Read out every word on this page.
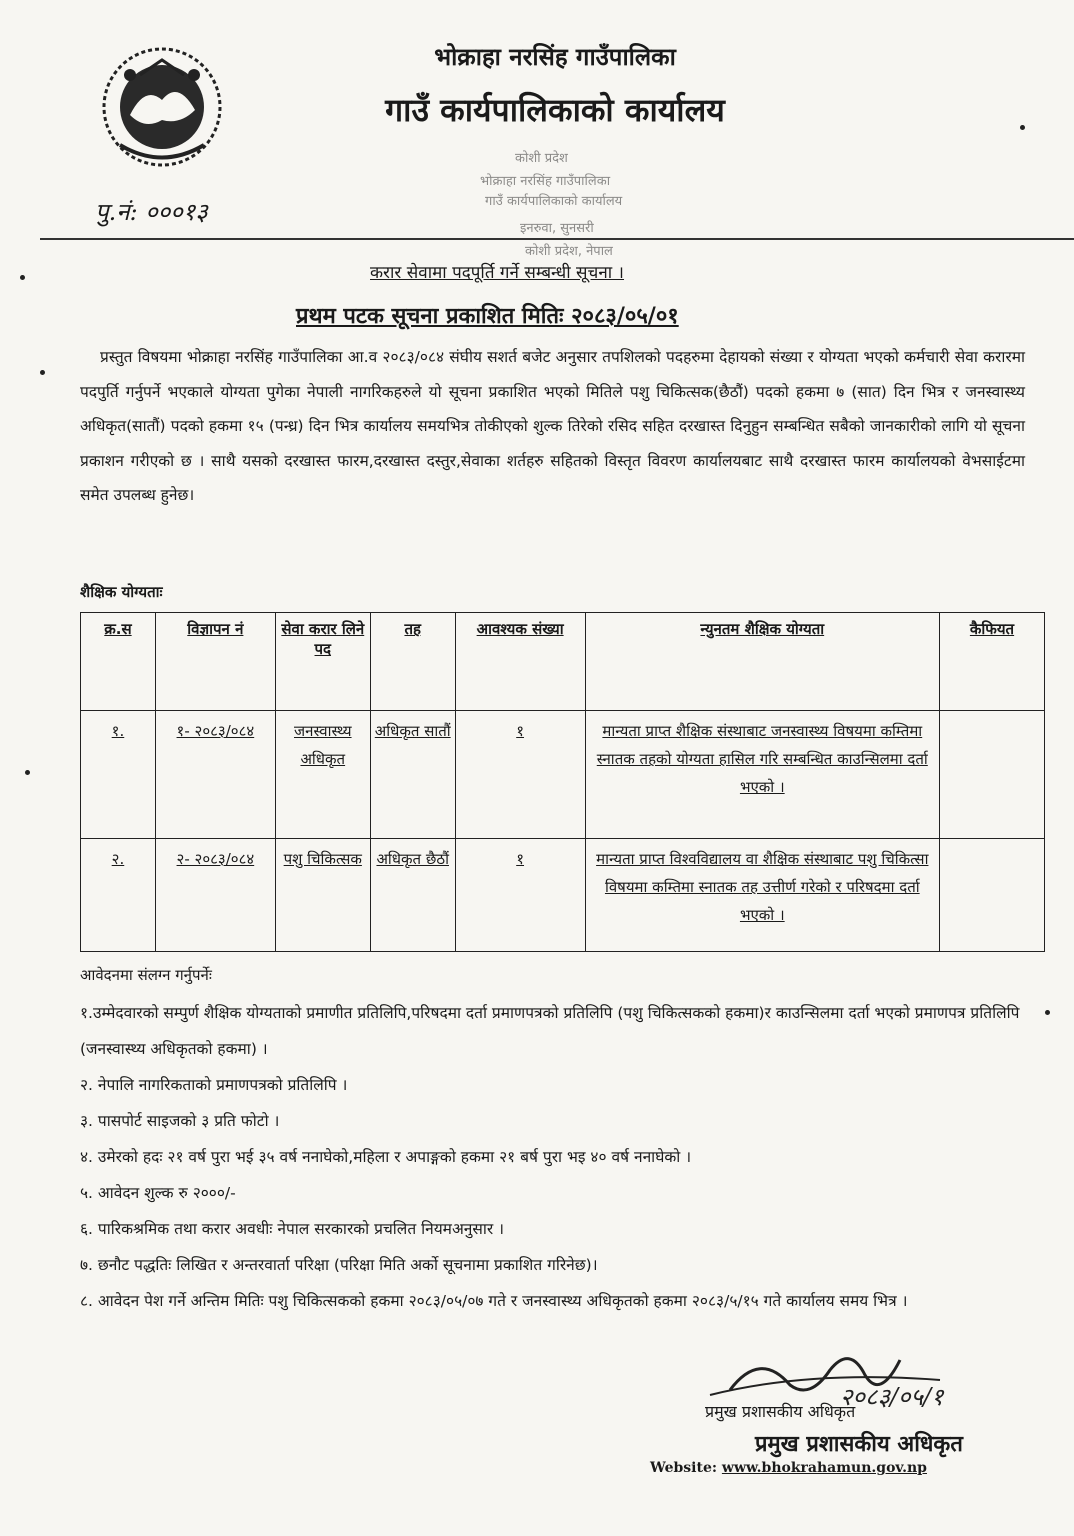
भोक्राहा नरसिंह गाउँपालिका
गाउँ कार्यपालिकाको कार्यालय
कोशी प्रदेश
भोक्राहा नरसिंह गाउँपालिका
गाउँ कार्यपालिकाको कार्यालय
इनरुवा, सुनसरी
कोशी प्रदेश, नेपाल
पु.नं: ०००१३
करार सेवामा पदपूर्ति गर्ने सम्बन्धी सूचना ।
प्रथम पटक सूचना प्रकाशित मितिः २०८३/०५/०१

प्रस्तुत विषयमा भोक्राहा नरसिंह गाउँपालिका आ.व २०८३/०८४ संघीय सशर्त बजेट अनुसार तपशिलको पदहरुमा देहायको संख्या र योग्यता भएको कर्मचारी सेवा करारमा पदपुर्ति गर्नुपर्ने भएकाले योग्यता पुगेका नेपाली नागरिकहरुले यो सूचना प्रकाशित भएको मितिले पशु चिकित्सक(छैठौं) पदको हकमा ७ (सात) दिन भित्र र जनस्वास्थ्य अधिकृत(सातौं) पदको हकमा १५ (पन्ध्र) दिन भित्र कार्यालय समयभित्र तोकीएको शुल्क तिरेको रसिद सहित दरखास्त दिनुहुन सम्बन्धित सबैको जानकारीको लागि यो सूचना प्रकाशन गरीएको छ । साथै यसको दरखास्त फारम,दरखास्त दस्तुर,सेवाका शर्तहरु सहितको विस्तृत विवरण कार्यालयबाट साथै दरखास्त फारम कार्यालयको वेभसाईटमा समेत उपलब्ध हुनेछ।

शैक्षिक योग्यताः
क्र.स	विज्ञापन नं	सेवा करार लिने पद	तह	आवश्यक संख्या	न्युनतम शैक्षिक योग्यता	कैफियत
१.	१- २०८३/०८४	जनस्वास्थ्य अधिकृत	अधिकृत सातौं	१	मान्यता प्राप्त शैक्षिक संस्थाबाट जनस्वास्थ्य विषयमा कम्तिमा स्नातक तहको योग्यता हासिल गरि सम्बन्धित काउन्सिलमा दर्ता भएको ।	
२.	२- २०८३/०८४	पशु चिकित्सक	अधिकृत छैठौं	१	मान्यता प्राप्त विश्वविद्यालय वा शैक्षिक संस्थाबाट पशु चिकित्सा विषयमा कम्तिमा स्नातक तह उत्तीर्ण गरेको र परिषदमा दर्ता भएको ।	
आवेदनमा संलग्न गर्नुपर्नेः
१.उम्मेदवारको सम्पुर्ण शैक्षिक योग्यताको प्रमाणीत प्रतिलिपि,परिषदमा दर्ता प्रमाणपत्रको प्रतिलिपि (पशु चिकित्सकको हकमा)र काउन्सिलमा दर्ता भएको प्रमाणपत्र प्रतिलिपि (जनस्वास्थ्य अधिकृतको हकमा) ।
२. नेपालि नागरिकताको प्रमाणपत्रको प्रतिलिपि ।
३. पासपोर्ट साइजको ३ प्रति फोटो ।
४. उमेरको हदः २१ वर्ष पुरा भई ३५ वर्ष ननाघेको,महिला र अपाङ्गको हकमा २१ बर्ष पुरा भइ ४० वर्ष ननाघेको ।
५. आवेदन शुल्क रु २०००/-
६. पारिकश्रमिक तथा करार अवधीः नेपाल सरकारको प्रचलित नियमअनुसार ।
७. छनौट पद्धतिः लिखित र अन्तरवार्ता परिक्षा (परिक्षा मिति अर्को सूचनामा प्रकाशित गरिनेछ)।
८. आवेदन पेश गर्ने अन्तिम मितिः पशु चिकित्सकको हकमा २०८३/०५/०७ गते र जनस्वास्थ्य अधिकृतको हकमा २०८३/५/१५ गते कार्यालय समय भित्र ।
२०८३/०५/१
प्रमुख प्रशासकीय अधिकृत
प्रमुख प्रशासकीय अधिकृत
Website: www.bhokrahamun.gov.np
